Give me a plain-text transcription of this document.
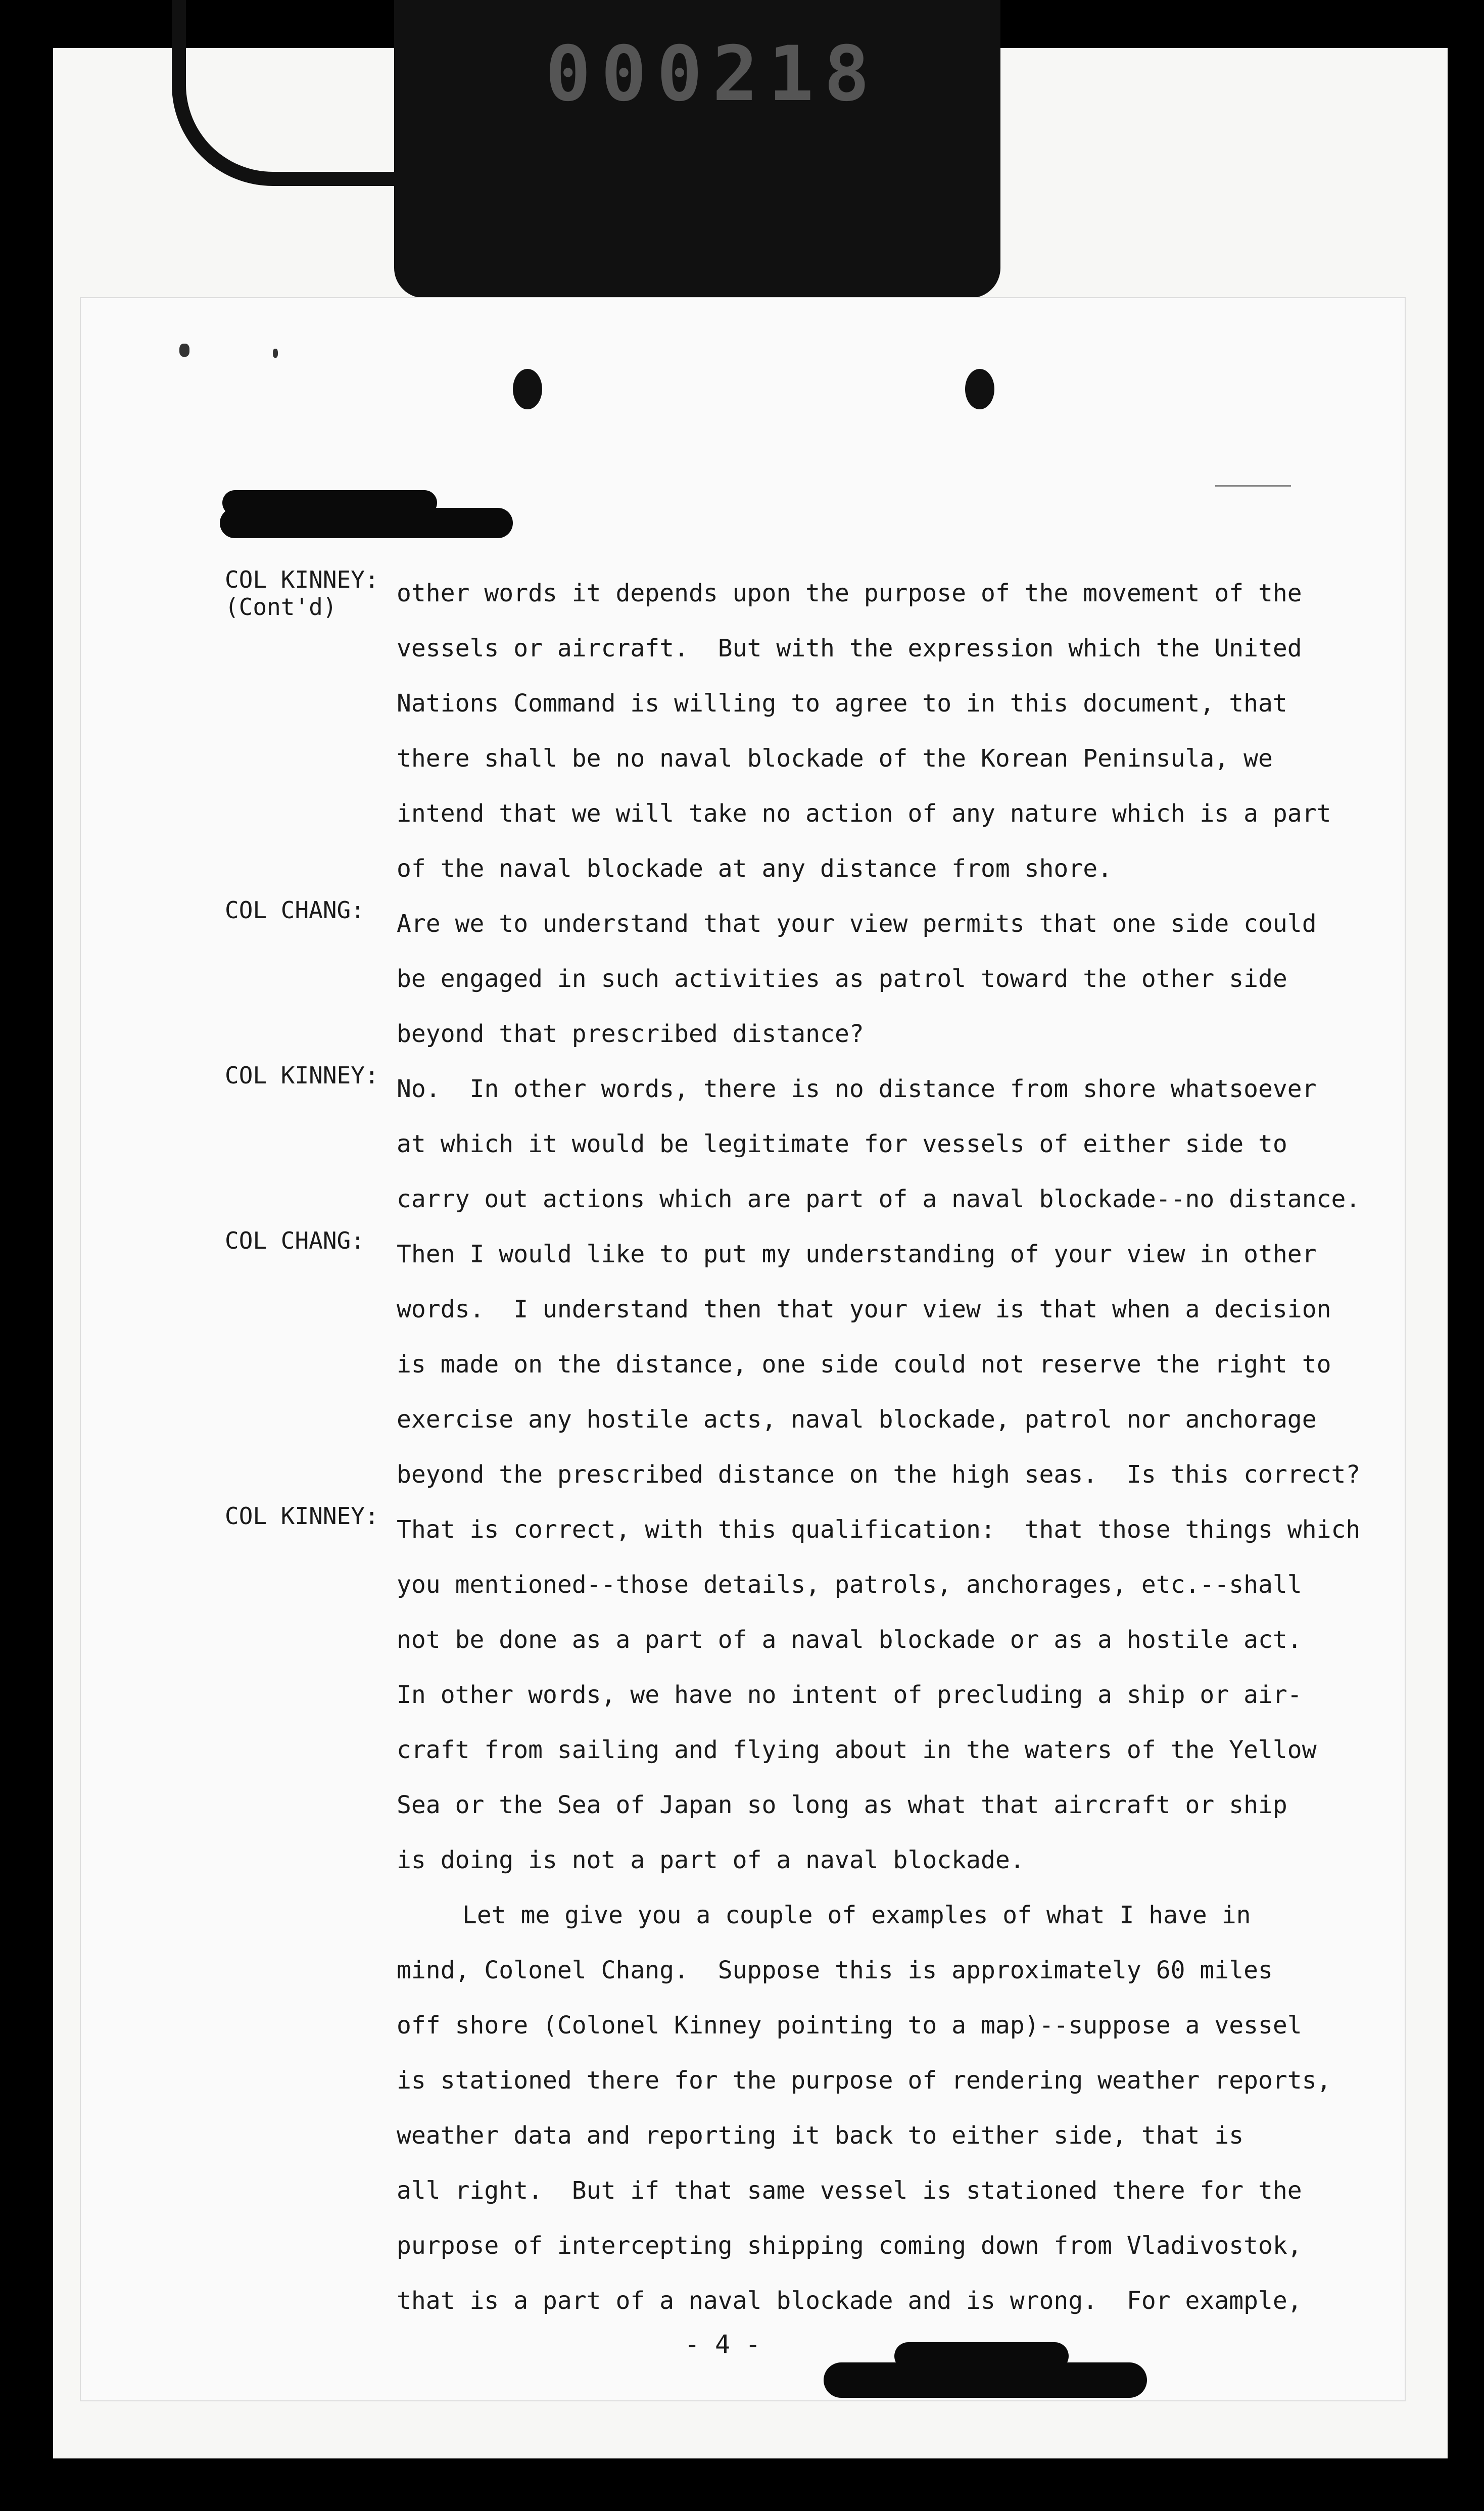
000218
COL KINNEY:
(Cont'd)	other words it depends upon the purpose of the movement of the
vessels or aircraft.  But with the expression which the United
Nations Command is willing to agree to in this document, that
there shall be no naval blockade of the Korean Peninsula, we
intend that we will take no action of any nature which is a part
of the naval blockade at any distance from shore.
COL CHANG:	Are we to understand that your view permits that one side could
be engaged in such activities as patrol toward the other side
beyond that prescribed distance?
COL KINNEY: No.  In other words, there is no distance from shore whatsoever
at which it would be legitimate for vessels of either side to
carry out actions which are part of a naval blockade--no distance.
COL CHANG:	Then I would like to put my understanding of your view in other
words.  I understand then that your view is that when a decision
is made on the distance, one side could not reserve the right to
exercise any hostile acts, naval blockade, patrol nor anchorage
beyond the prescribed distance on the high seas.  Is this correct?
COL KINNEY: That is correct, with this qualification:  that those things which
you mentioned--those details, patrols, anchorages, etc.--shall
not be done as a part of a naval blockade or as a hostile act.
In other words, we have no intent of precluding a ship or air-
craft from sailing and flying about in the waters of the Yellow
Sea or the Sea of Japan so long as what that aircraft or ship
is doing is not a part of a naval blockade.
Let me give you a couple of examples of what I have in
mind, Colonel Chang.  Suppose this is approximately 60 miles
off shore (Colonel Kinney pointing to a map)--suppose a vessel
is stationed there for the purpose of rendering weather reports,
weather data and reporting it back to either side, that is
all right.  But if that same vessel is stationed there for the
purpose of intercepting shipping coming down from Vladivostok,
that is a part of a naval blockade and is wrong.  For example,
- 4 -
